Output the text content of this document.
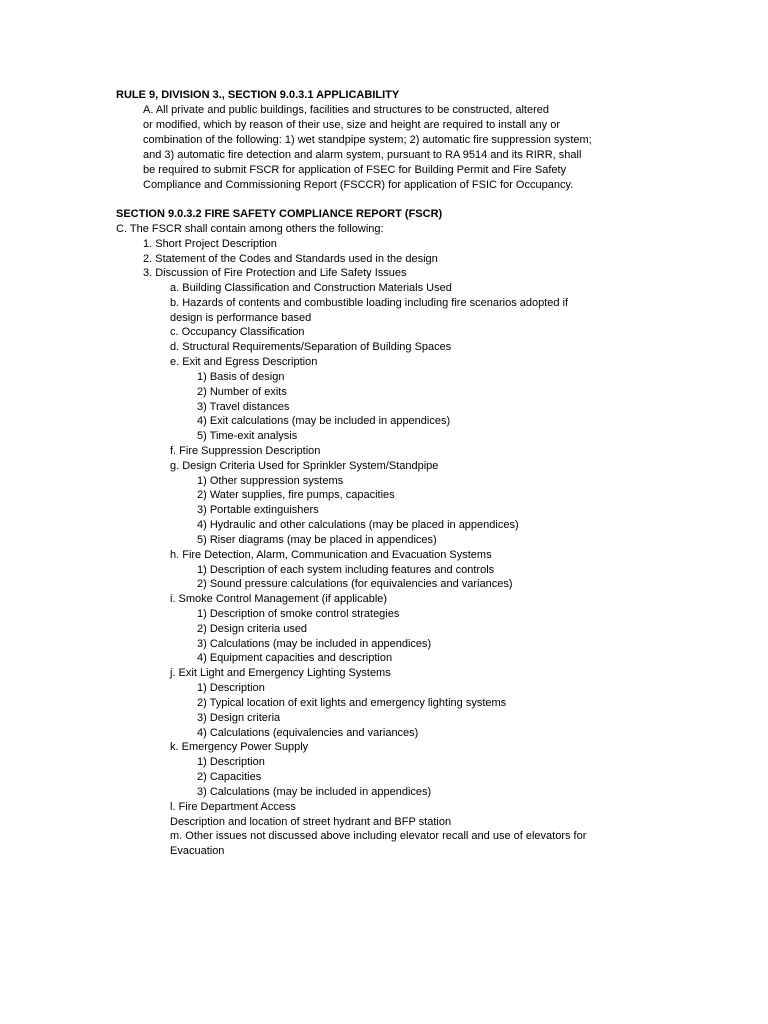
RULE 9, DIVISION 3., SECTION 9.0.3.1 APPLICABILITY
A. All private and public buildings, facilities and structures to be constructed, altered
or modified, which by reason of their use, size and height are required to install any or
combination of the following: 1) wet standpipe system; 2) automatic fire suppression system;
and 3) automatic fire detection and alarm system, pursuant to RA 9514 and its RIRR, shall
be required to submit FSCR for application of FSEC for Building Permit and Fire Safety
Compliance and Commissioning Report (FSCCR) for application of FSIC for Occupancy.
SECTION 9.0.3.2 FIRE SAFETY COMPLIANCE REPORT (FSCR)
C. The FSCR shall contain among others the following:
1. Short Project Description
2. Statement of the Codes and Standards used in the design
3. Discussion of Fire Protection and Life Safety Issues
a. Building Classification and Construction Materials Used
b. Hazards of contents and combustible loading including fire scenarios adopted if
design is performance based
c. Occupancy Classification
d. Structural Requirements/Separation of Building Spaces
e. Exit and Egress Description
1) Basis of design
2) Number of exits
3) Travel distances
4) Exit calculations (may be included in appendices)
5) Time-exit analysis
f. Fire Suppression Description
g. Design Criteria Used for Sprinkler System/Standpipe
1) Other suppression systems
2) Water supplies, fire pumps, capacities
3) Portable extinguishers
4) Hydraulic and other calculations (may be placed in appendices)
5) Riser diagrams (may be placed in appendices)
h. Fire Detection, Alarm, Communication and Evacuation Systems
1) Description of each system including features and controls
2) Sound pressure calculations (for equivalencies and variances)
i. Smoke Control Management (if applicable)
1) Description of smoke control strategies
2) Design criteria used
3) Calculations (may be included in appendices)
4) Equipment capacities and description
j. Exit Light and Emergency Lighting Systems
1) Description
2) Typical location of exit lights and emergency lighting systems
3) Design criteria
4) Calculations (equivalencies and variances)
k. Emergency Power Supply
1) Description
2) Capacities
3) Calculations (may be included in appendices)
l. Fire Department Access
Description and location of street hydrant and BFP station
m. Other issues not discussed above including elevator recall and use of elevators for
Evacuation
